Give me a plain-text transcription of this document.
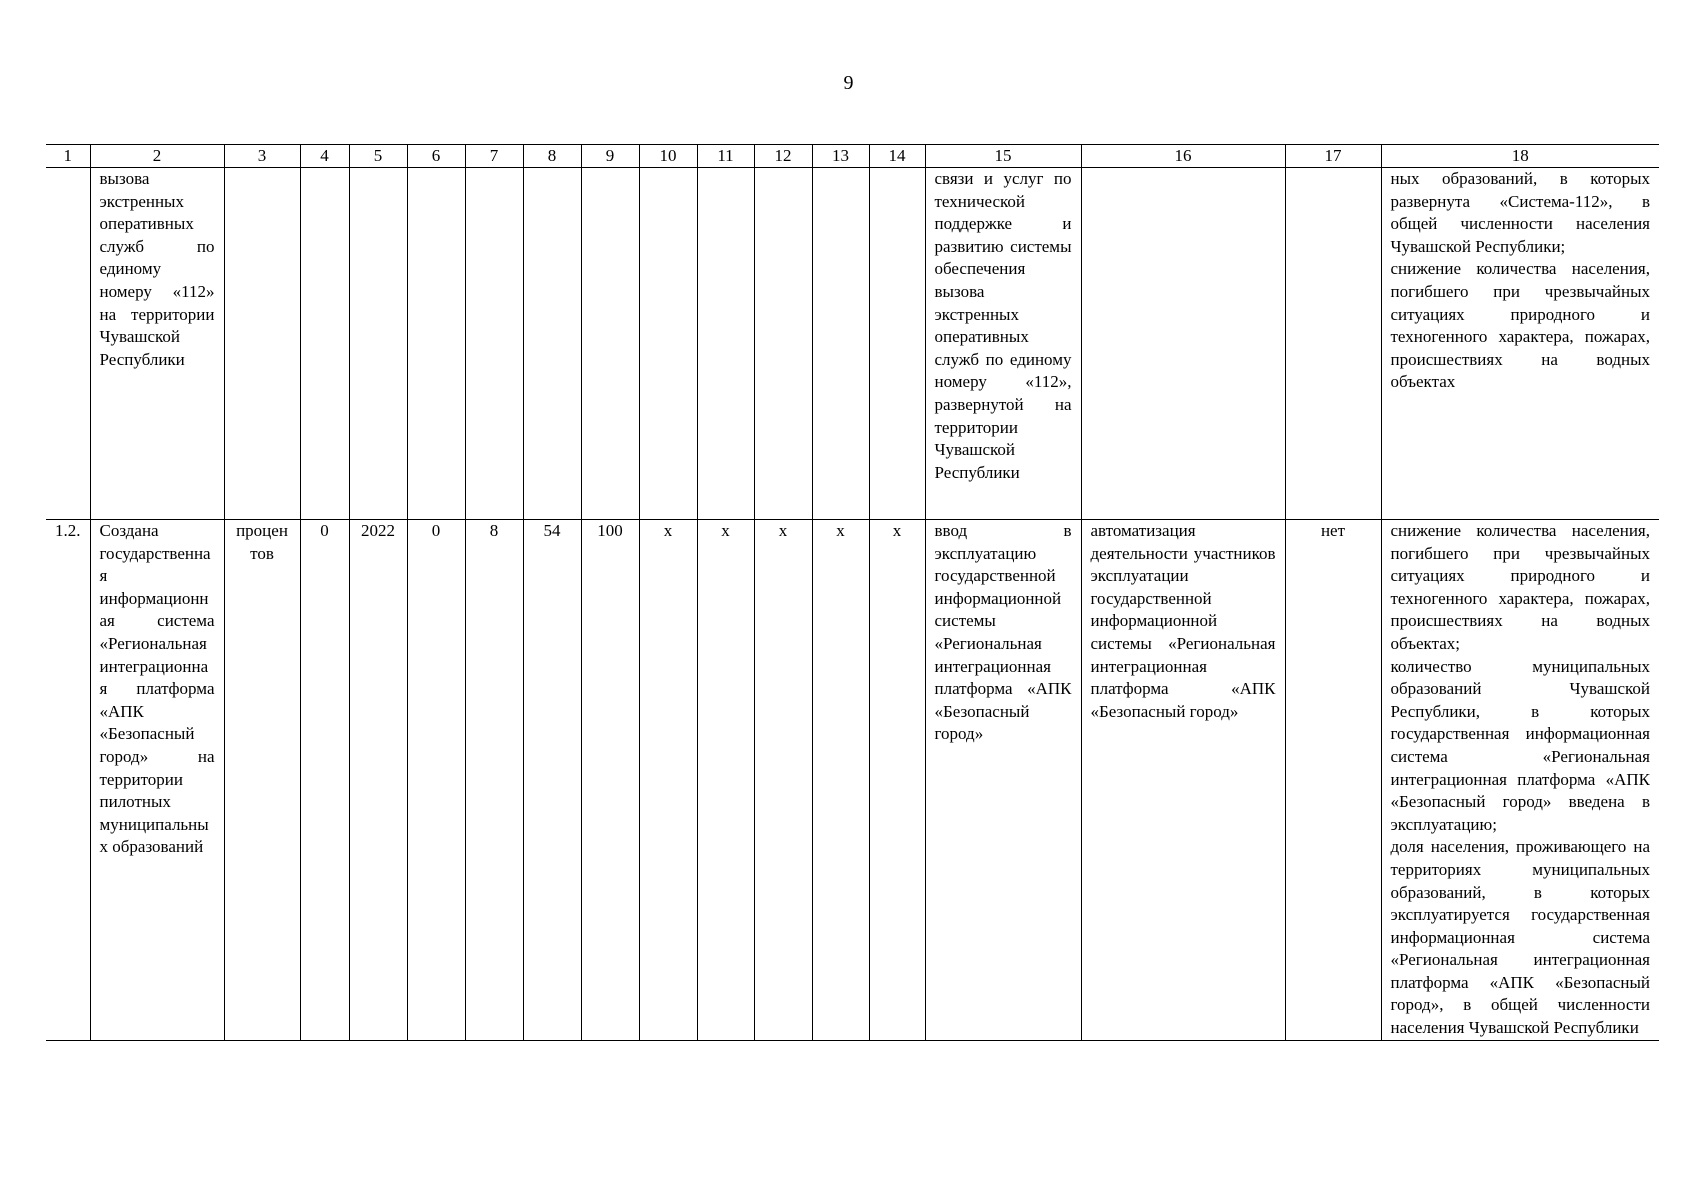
9
1	2	3	4	5	6	7	8	9	10	11	12	13	14	15	16	17	18
	вызова экстренных оперативных служб по единому номеру «112» на территории Чувашской Республики													связи и услуг по технической поддержке и развитию системы обеспечения вызова экстренных оперативных служб по единому номеру «112», развернутой на территории Чувашской Республики			ных образований, в которых развернута «Система-112», в общей численности населения Чувашской Республики;
снижение количества населения, погибшего при чрезвычайных ситуациях природного и техногенного характера, пожарах, происшествиях на водных объектах

1.2.	Создана государственная информационная система «Региональная интеграционная платформа «АПК «Безопасный город» на территории пилотных муниципальных образований	процентов	0	2022	0	8	54	100	х	х	х	х	х	ввод в эксплуатацию государственной информационной системы «Региональная интеграционная платформа «АПК «Безопасный город»	автоматизация деятельности участников эксплуатации государственной информационной системы «Региональная интеграционная платформа «АПК «Безопасный город»	нет	снижение количества населения, погибшего при чрезвычайных ситуациях природного и техногенного характера, пожарах, происшествиях на водных объектах;
количество муниципальных образований Чувашской Республики, в которых государственная информационная система «Региональная интеграционная платформа «АПК «Безопасный город» введена в эксплуатацию;
доля населения, проживающего на территориях муниципальных образований, в которых эксплуатируется государственная информационная система «Региональная интеграционная платформа «АПК «Безопасный город», в общей численности населения Чувашской Республики
